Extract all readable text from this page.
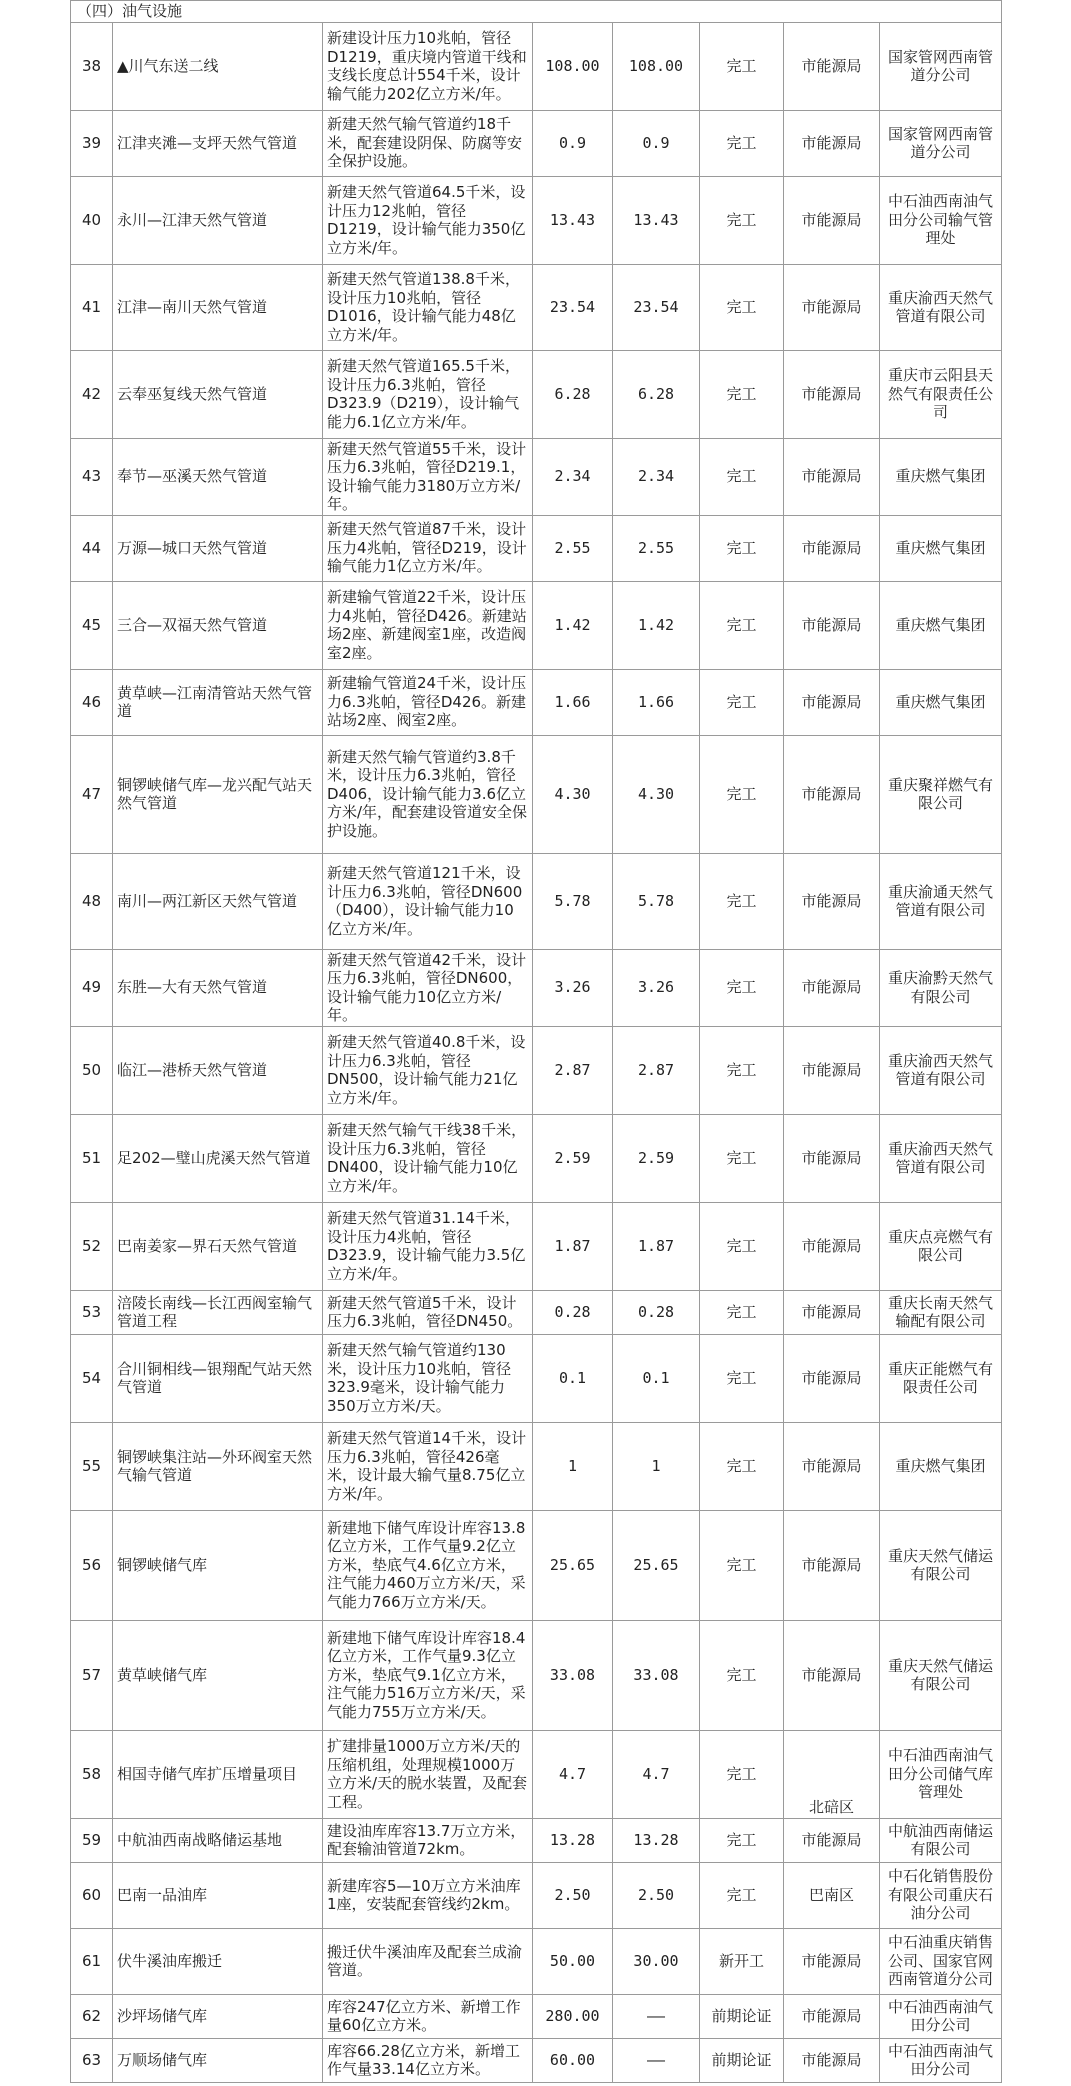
（四）油气设施							
38	▲川气东送二线	新建设计压力10兆帕，管径D1219，重庆境内管道干线和支线长度总计554千米，设计输气能力202亿立方米/年。	108.00	108.00	完工	市能源局	国家管网西南管道分公司
39	江津夹滩—支坪天然气管道	新建天然气输气管道约18千米，配套建设阴保、防腐等安全保护设施。	0.9	0.9	完工	市能源局	国家管网西南管道分公司
40	永川—江津天然气管道	新建天然气管道64.5千米，设计压力12兆帕，管径D1219，设计输气能力350亿立方米/年。	13.43	13.43	完工	市能源局	中石油西南油气田分公司输气管理处
41	江津—南川天然气管道	新建天然气管道138.8千米，设计压力10兆帕，管径D1016，设计输气能力48亿立方米/年。	23.54	23.54	完工	市能源局	重庆渝西天然气管道有限公司
42	云奉巫复线天然气管道	新建天然气管道165.5千米，设计压力6.3兆帕，管径D323.9（D219），设计输气能力6.1亿立方米/年。	6.28	6.28	完工	市能源局	重庆市云阳县天然气有限责任公司
43	奉节—巫溪天然气管道	新建天然气管道55千米，设计压力6.3兆帕，管径D219.1，设计输气能力3180万立方米/年。	2.34	2.34	完工	市能源局	重庆燃气集团
44	万源—城口天然气管道	新建天然气管道87千米，设计压力4兆帕，管径D219，设计输气能力1亿立方米/年。	2.55	2.55	完工	市能源局	重庆燃气集团
45	三合—双福天然气管道	新建输气管道22千米，设计压力4兆帕，管径D426。新建站场2座、新建阀室1座，改造阀室2座。	1.42	1.42	完工	市能源局	重庆燃气集团
46	黄草峡—江南清管站天然气管道	新建输气管道24千米，设计压力6.3兆帕，管径D426。新建站场2座、阀室2座。	1.66	1.66	完工	市能源局	重庆燃气集团
47	铜锣峡储气库—龙兴配气站天然气管道	新建天然气输气管道约3.8千米，设计压力6.3兆帕，管径D406，设计输气能力3.6亿立方米/年，配套建设管道安全保护设施。	4.30	4.30	完工	市能源局	重庆聚祥燃气有限公司
48	南川—两江新区天然气管道	新建天然气管道121千米，设计压力6.3兆帕，管径DN600（D400），设计输气能力10亿立方米/年。	5.78	5.78	完工	市能源局	重庆渝通天然气管道有限公司
49	东胜—大有天然气管道	新建天然气管道42千米，设计压力6.3兆帕，管径DN600，设计输气能力10亿立方米/年。	3.26	3.26	完工	市能源局	重庆渝黔天然气有限公司
50	临江—港桥天然气管道	新建天然气管道40.8千米，设计压力6.3兆帕，管径DN500，设计输气能力21亿立方米/年。	2.87	2.87	完工	市能源局	重庆渝西天然气管道有限公司
51	足202—璧山虎溪天然气管道	新建天然气输气干线38千米，设计压力6.3兆帕，管径DN400，设计输气能力10亿立方米/年。	2.59	2.59	完工	市能源局	重庆渝西天然气管道有限公司
52	巴南姜家—界石天然气管道	新建天然气管道31.14千米，设计压力4兆帕，管径D323.9，设计输气能力3.5亿立方米/年。	1.87	1.87	完工	市能源局	重庆点亮燃气有限公司
53	涪陵长南线—长江西阀室输气管道工程	新建天然气管道5千米，设计压力6.3兆帕，管径DN450。	0.28	0.28	完工	市能源局	重庆长南天然气输配有限公司
54	合川铜相线—银翔配气站天然气管道	新建天然气输气管道约130米，设计压力10兆帕，管径323.9毫米，设计输气能力350万立方米/天。	0.1	0.1	完工	市能源局	重庆正能燃气有限责任公司
55	铜锣峡集注站—外环阀室天然气输气管道	新建天然气管道14千米，设计压力6.3兆帕，管径426毫米，设计最大输气量8.75亿立方米/年。	1	1	完工	市能源局	重庆燃气集团
56	铜锣峡储气库	新建地下储气库设计库容13.8亿立方米，工作气量9.2亿立方米，垫底气4.6亿立方米，注气能力460万立方米/天，采气能力766万立方米/天。	25.65	25.65	完工	市能源局	重庆天然气储运有限公司
57	黄草峡储气库	新建地下储气库设计库容18.4亿立方米，工作气量9.3亿立方米，垫底气9.1亿立方米，注气能力516万立方米/天，采气能力755万立方米/天。	33.08	33.08	完工	市能源局	重庆天然气储运有限公司
58	相国寺储气库扩压增量项目	扩建排量1000万立方米/天的压缩机组，处理规模1000万立方米/天的脱水装置，及配套工程。	4.7	4.7	完工	北碚区	中石油西南油气田分公司储气库管理处
59	中航油西南战略储运基地	建设油库库容13.7万立方米，配套输油管道72km。	13.28	13.28	完工	市能源局	中航油西南储运有限公司
60	巴南一品油库	新建库容5—10万立方米油库1座，安装配套管线约2km。	2.50	2.50	完工	巴南区	中石化销售股份有限公司重庆石油分公司
61	伏牛溪油库搬迁	搬迁伏牛溪油库及配套兰成渝管道。	50.00	30.00	新开工	市能源局	中石油重庆销售公司、国家官网西南管道分公司
62	沙坪场储气库	库容247亿立方米、新增工作量60亿立方米。	280.00	——	前期论证	市能源局	中石油西南油气田分公司
63	万顺场储气库	库容66.28亿立方米，新增工作气量33.14亿立方米。	60.00	——	前期论证	市能源局	中石油西南油气田分公司
